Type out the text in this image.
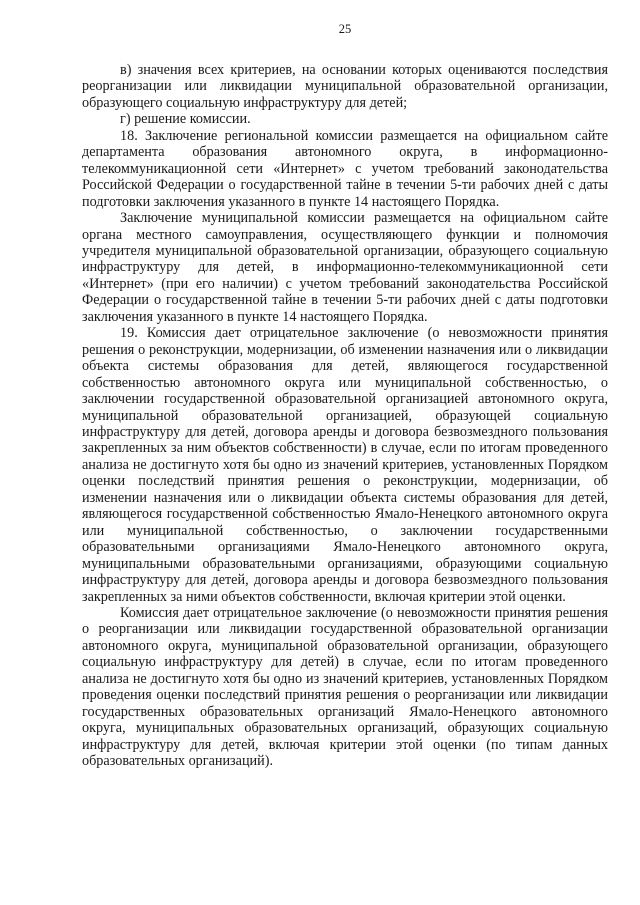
25

в) значения всех критериев, на основании которых оцениваются последствия реорганизации или ликвидации муниципальной образовательной организации, образующего социальную инфраструктуру для детей;

г) решение комиссии.

18. Заключение региональной комиссии размещается на официальном сайте департамента образования автономного округа, в информационно-телекоммуникационной сети «Интернет» с учетом требований законодательства Российской Федерации о государственной тайне в течении 5-ти рабочих дней с даты подготовки заключения указанного в пункте 14 настоящего Порядка.

Заключение муниципальной комиссии размещается на официальном сайте органа местного самоуправления, осуществляющего функции и полномочия учредителя муниципальной образовательной организации, образующего социальную инфраструктуру для детей, в информационно-телекоммуникационной сети «Интернет» (при его наличии) с учетом требований законодательства Российской Федерации о государственной тайне в течении 5-ти рабочих дней с даты подготовки заключения указанного в пункте 14 настоящего Порядка.

19. Комиссия дает отрицательное заключение (о невозможности принятия решения о реконструкции, модернизации, об изменении назначения или о ликвидации объекта системы образования для детей, являющегося государственной собственностью автономного округа или муниципальной собственностью, о заключении государственной образовательной организацией автономного округа, муниципальной образовательной организацией, образующей социальную инфраструктуру для детей, договора аренды и договора безвозмездного пользования закрепленных за ним объектов собственности) в случае, если по итогам проведенного анализа не достигнуто хотя бы одно из значений критериев, установленных Порядком оценки последствий принятия решения о реконструкции, модернизации, об изменении назначения или о ликвидации объекта системы образования для детей, являющегося государственной собственностью Ямало-Ненецкого автономного округа или муниципальной собственностью, о заключении государственными образовательными организациями Ямало-Ненецкого автономного округа, муниципальными образовательными организациями, образующими социальную инфраструктуру для детей, договора аренды и договора безвозмездного пользования закрепленных за ними объектов собственности, включая критерии этой оценки.

Комиссия дает отрицательное заключение (о невозможности принятия решения о реорганизации или ликвидации государственной образовательной организации автономного округа, муниципальной образовательной организации, образующего социальную инфраструктуру для детей) в случае, если по итогам проведенного анализа не достигнуто хотя бы одно из значений критериев, установленных Порядком проведения оценки последствий принятия решения о реорганизации или ликвидации государственных образовательных организаций Ямало-Ненецкого автономного округа, муниципальных образовательных организаций, образующих социальную инфраструктуру для детей, включая критерии этой оценки (по типам данных образовательных организаций).
